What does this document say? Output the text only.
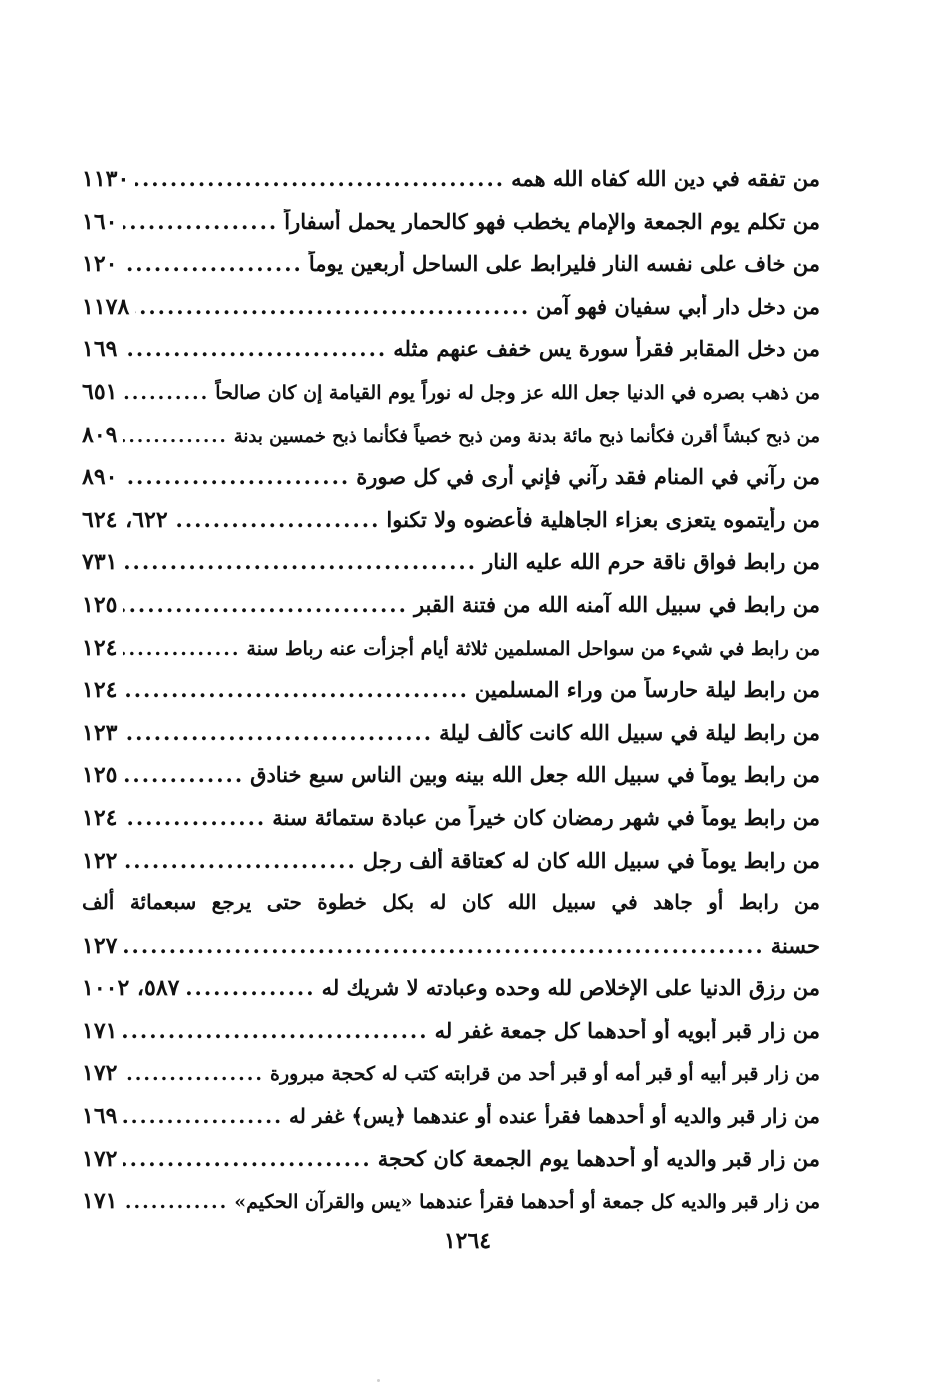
من تفقه في دين الله كفاه الله همه
.....
١١٣٠
من تكلم يوم الجمعة والإمام يخطب فهو كالحمار يحمل أسفاراً
.....
١٦٠
من خاف على نفسه النار فليرابط على الساحل أربعين يوماً
.....
١٢٠
من دخل دار أبي سفيان فهو آمن
.....
١١٧٨
من دخل المقابر فقرأ سورة يس خفف عنهم مثله
.....
١٦٩
من ذهب بصره في الدنيا جعل الله عز وجل له نوراً يوم القيامة إن كان صالحاً
.....
٦٥١
من ذبح كبشاً أقرن فكأنما ذبح مائة بدنة ومن ذبح خصياً فكأنما ذبح خمسين بدنة
.....
٨٠٩
من رآني في المنام فقد رآني فإني أرى في كل صورة
.....
٨٩٠
من رأيتموه يتعزى بعزاء الجاهلية فأعضوه ولا تكنوا
.....
٦٢٢، ٦٢٤
من رابط فواق ناقة حرم الله عليه النار
.....
٧٣١
من رابط في سبيل الله آمنه الله من فتنة القبر
.....
١٢٥
من رابط في شيء من سواحل المسلمين ثلاثة أيام أجزأت عنه رباط سنة
.....
١٢٤
من رابط ليلة حارساً من وراء المسلمين
.....
١٢٤
من رابط ليلة في سبيل الله كانت كألف ليلة
.....
١٢٣
من رابط يوماً في سبيل الله جعل الله بينه وبين الناس سبع خنادق
.....
١٢٥
من رابط يوماً في شهر رمضان كان خيراً من عبادة ستمائة سنة
.....
١٢٤
من رابط يوماً في سبيل الله كان له كعتاقة ألف رجل
.....
١٢٢
من رابط أو جاهد في سبيل الله كان له بكل خطوة حتى يرجع سبعمائة ألف
حسنة
.....
١٢٧
من رزق الدنيا على الإخلاص لله وحده وعبادته لا شريك له
.....
٥٨٧، ١٠٠٢
من زار قبر أبويه أو أحدهما كل جمعة غفر له
.....
١٧١
من زار قبر أبيه أو قبر أمه أو قبر أحد من قرابته كتب له كحجة مبرورة
.....
١٧٢
من زار قبر والديه أو أحدهما فقرأ عنده أو عندهما ﴿يس﴾ غفر له
.....
١٦٩
من زار قبر والديه أو أحدهما يوم الجمعة كان كحجة
.....
١٧٢
من زار قبر والديه كل جمعة أو أحدهما فقرأ عندهما «يس والقرآن الحكيم»
.....
١٧١
١٢٦٤
